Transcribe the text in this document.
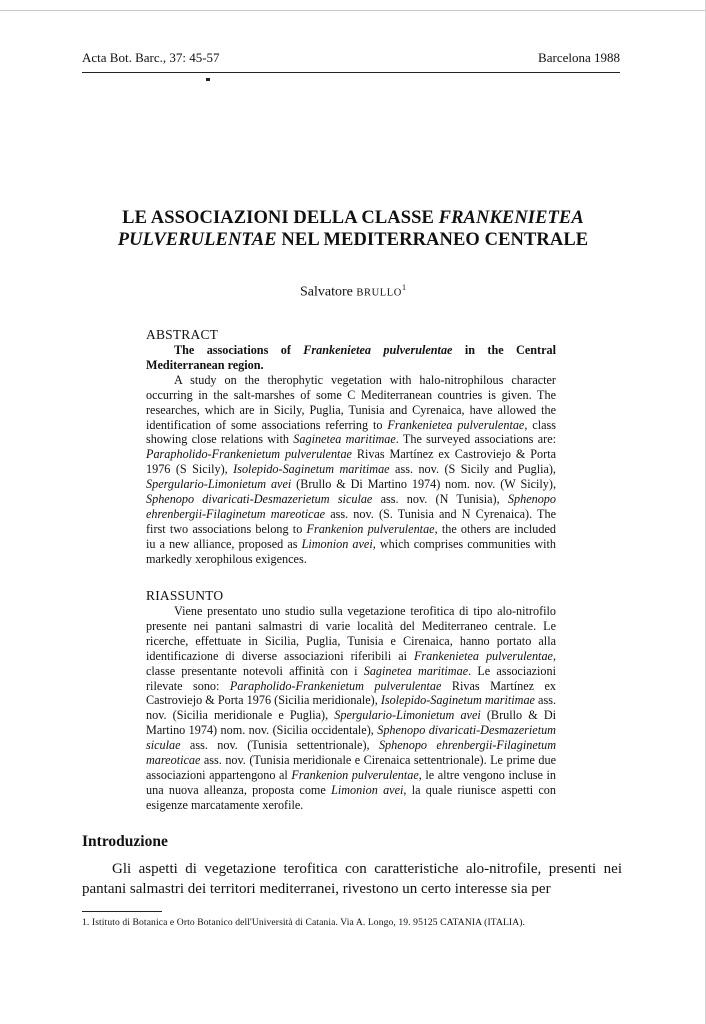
Acta Bot. Barc., 37: 45-57	Barcelona 1988
LE ASSOCIAZIONI DELLA CLASSE FRANKENIETEA
PULVERULENTAE NEL MEDITERRANEO CENTRALE
Salvatore BRULLO$^1$
ABSTRACT

The associations of Frankenietea pulverulentae in the Central Mediterranean region.

A study on the therophytic vegetation with halo-nitrophilous character occurring in the salt-marshes of some C Mediterranean countries is given. The researches, which are in Sicily, Puglia, Tunisia and Cyrenaica, have allowed the identification of some associations referring to Frankenietea pulverulentae, class showing close relations with Saginetea maritimae. The surveyed associations are: Parapholido-Frankenietum pulverulentae Rivas Martínez ex Castroviejo & Porta 1976 (S Sicily), Isolepido-Saginetum maritimae ass. nov. (S Sicily and Puglia), Spergulario-Limonietum avei (Brullo & Di Martino 1974) nom. nov. (W Sicily), Sphenopo divaricati-Desmazerietum siculae ass. nov. (N Tunisia), Sphenopo ehrenbergii-Filaginetum mareoticae ass. nov. (S. Tunisia and N Cyrenaica). The first two associations belong to Frankenion pulverulentae, the others are included iu a new alliance, proposed as Limonion avei, which comprises communities with markedly xerophilous exigences.

RIASSUNTO

Viene presentato uno studio sulla vegetazione terofitica di tipo alo-nitrofilo presente nei pantani salmastri di varie località del Mediterraneo centrale. Le ricerche, effettuate in Sicilia, Puglia, Tunisia e Cirenaica, hanno portato alla identificazione di diverse associazioni riferibili ai Frankenietea pulverulentae, classe presentante notevoli affinità con i Saginetea maritimae. Le associazioni rilevate sono: Parapholido-Frankenietum pulverulentae Rivas Martínez ex Castroviejo & Porta 1976 (Sicilia meridionale), Isolepido-Saginetum maritimae ass. nov. (Sicilia meridionale e Puglia), Spergulario-Limonietum avei (Brullo & Di Martino 1974) nom. nov. (Sicilia occidentale), Sphenopo divaricati-Desmazerietum siculae ass. nov. (Tunisia settentrionale), Sphenopo ehrenbergii-Filaginetum mareoticae ass. nov. (Tunisia meridionale e Cirenaica settentrionale). Le prime due associazioni appartengono al Frankenion pulverulentae, le altre vengono incluse in una nuova alleanza, proposta come Limonion avei, la quale riunisce aspetti con esigenze marcatamente xerofile.

Introduzione

Gli aspetti di vegetazione terofitica con caratteristiche alo-nitrofile, presenti nei pantani salmastri dei territori mediterranei, rivestono un certo interesse sia per

1. Istituto di Botanica e Orto Botanico dell'Università di Catania. Via A. Longo, 19. 95125 CATANIA (ITALIA).
